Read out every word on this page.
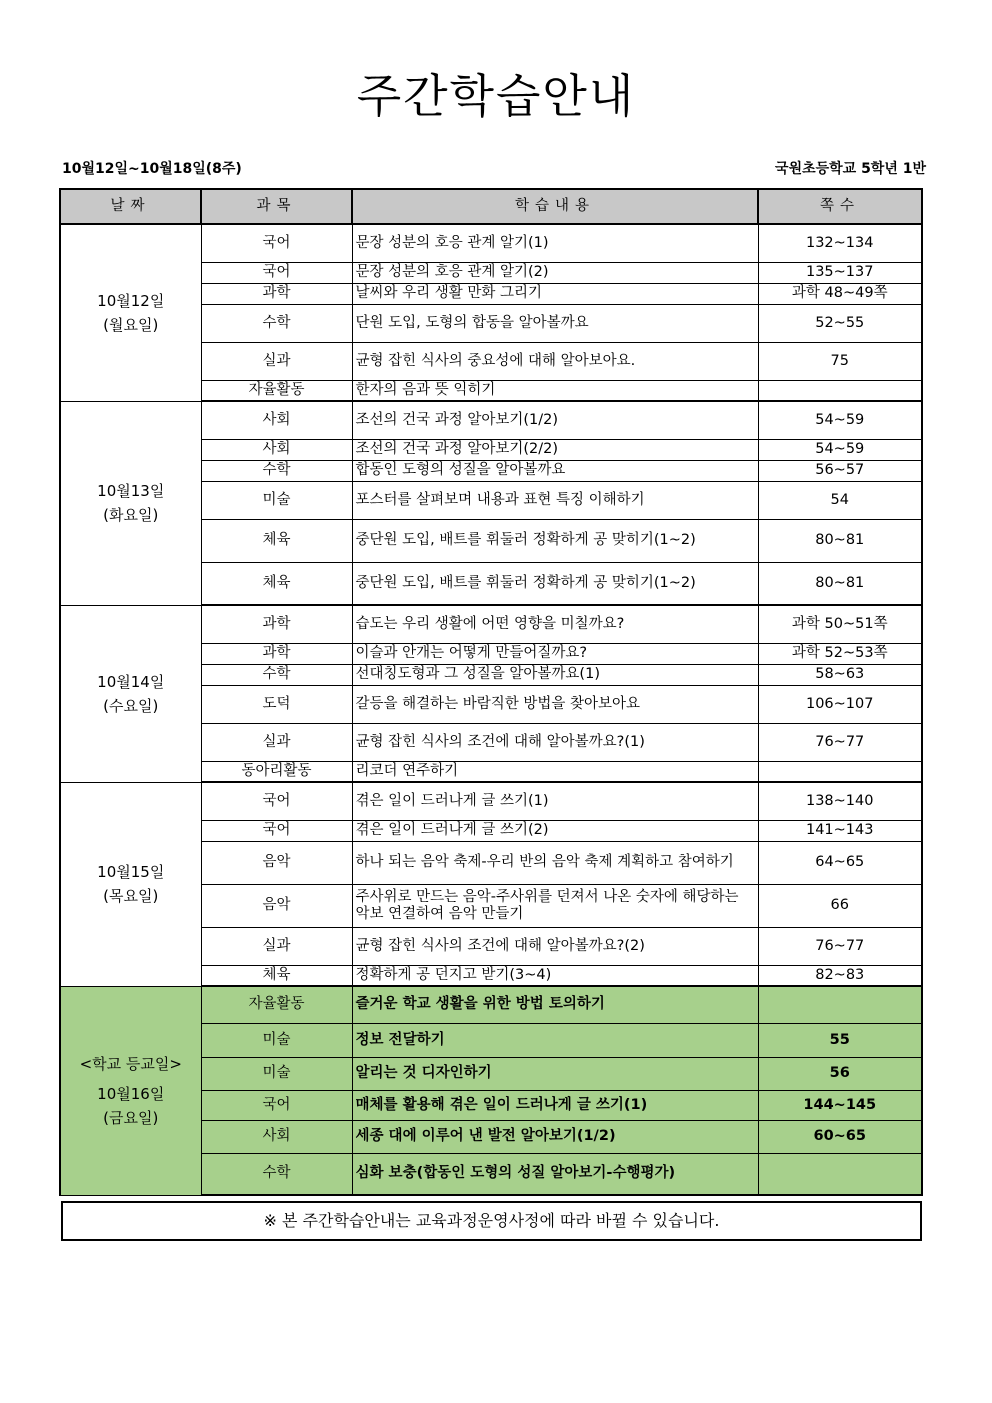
주간학습안내
10월12일~10월18일(8주)	국원초등학교 5학년 1반
날짜	과목	학습내용	쪽수

10월12일
(월요일)	국어	문장 성분의 호응 관계 알기(1)	132~134
	국어	문장 성분의 호응 관계 알기(2)	135~137
	과학	날씨와 우리 생활 만화 그리기	과학 48~49쪽
	수학	단원 도입, 도형의 합동을 알아볼까요	52~55
	실과	균형 잡힌 식사의 중요성에 대해 알아보아요.	75
	자율활동	한자의 음과 뜻 익히기	

10월13일
(화요일)	사회	조선의 건국 과정 알아보기(1/2)	54~59
	사회	조선의 건국 과정 알아보기(2/2)	54~59
	수학	합동인 도형의 성질을 알아볼까요	56~57
	미술	포스터를 살펴보며 내용과 표현 특징 이해하기	54
	체육	중단원 도입, 배트를 휘둘러 정확하게 공 맞히기(1~2)	80~81
	체육	중단원 도입, 배트를 휘둘러 정확하게 공 맞히기(1~2)	80~81

10월14일
(수요일)	과학	습도는 우리 생활에 어떤 영향을 미칠까요?	과학 50~51쪽
	과학	이슬과 안개는 어떻게 만들어질까요?	과학 52~53쪽
	수학	선대칭도형과 그 성질을 알아볼까요(1)	58~63
	도덕	갈등을 해결하는 바람직한 방법을 찾아보아요	106~107
	실과	균형 잡힌 식사의 조건에 대해 알아볼까요?(1)	76~77
	동아리활동	리코더 연주하기	

10월15일
(목요일)	국어	겪은 일이 드러나게 글 쓰기(1)	138~140
	국어	겪은 일이 드러나게 글 쓰기(2)	141~143
	음악	하나 되는 음악 축제-우리 반의 음악 축제 계획하고 참여하기	64~65
	음악	주사위로 만드는 음악-주사위를 던져서 나온 숫자에 해당하는 악보 연결하여 음악 만들기	66
	실과	균형 잡힌 식사의 조건에 대해 알아볼까요?(2)	76~77
	체육	정확하게 공 던지고 받기(3~4)	82~83

<학교 등교일>
10월16일
(금요일)	자율활동	즐거운 학교 생활을 위한 방법 토의하기	
	미술	정보 전달하기	55
	미술	알리는 것 디자인하기	56
	국어	매체를 활용해 겪은 일이 드러나게 글 쓰기(1)	144~145
	사회	세종 대에 이루어 낸 발전 알아보기(1/2)	60~65
	수학	심화 보충(합동인 도형의 성질 알아보기-수행평가)	
※ 본 주간학습안내는 교육과정운영사정에 따라 바뀔 수 있습니다.
